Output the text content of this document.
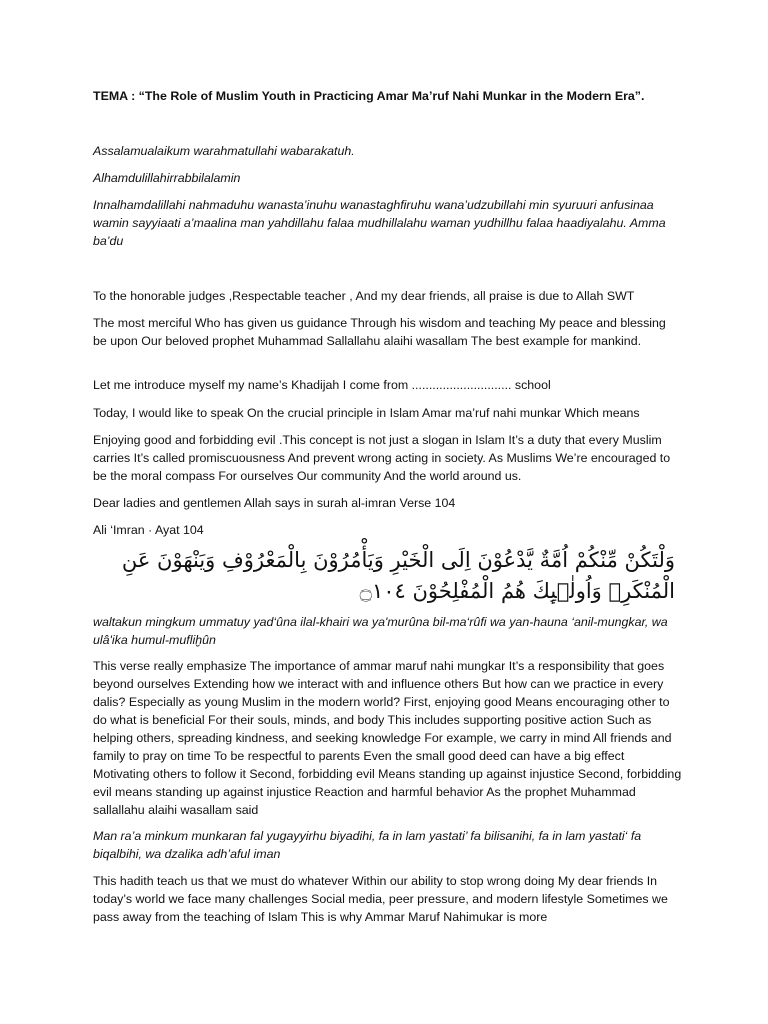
TEMA : “The Role of Muslim Youth in Practicing Amar Ma’ruf Nahi Munkar in the Modern Era”.

Assalamualaikum warahmatullahi wabarakatuh.

Alhamdulillahirrabbilalamin

Innalhamdalillahi nahmaduhu wanasta’inuhu wanastaghfiruhu wana’udzubillahi min syuruuri anfusinaa wamin sayyiaati a’maalina man yahdillahu falaa mudhillalahu waman yudhillhu falaa haadiyalahu. Amma ba’du

To the honorable judges ,Respectable teacher , And my dear friends, all praise is due to Allah SWT

The most merciful Who has given us guidance Through his wisdom and teaching My peace and blessing be upon Our beloved prophet Muhammad Sallallahu alaihi wasallam The best example for mankind.

Let me introduce myself my name’s Khadijah I come from ............................. school

Today, I would like to speak On the crucial principle in Islam Amar ma’ruf nahi munkar Which means

Enjoying good and forbidding evil .This concept is not just a slogan in Islam It’s a duty that every Muslim carries It’s called promiscuousness And prevent wrong acting in society. As Muslims We’re encouraged to be the moral compass For ourselves Our community And the world around us.

Dear ladies and gentlemen Allah says in surah al-imran Verse 104

Ali ‘Imran · Ayat 104

وَلْتَكُنْ مِّنْكُمْ اُمَّةٌ يَّدْعُوْنَ اِلَى الْخَيْرِ وَيَأْمُرُوْنَ بِالْمَعْرُوْفِ وَيَنْهَوْنَ عَنِ الْمُنْكَرِۗ وَاُولٰۤىِٕكَ هُمُ الْمُفْلِحُوْنَ ۝١٠٤

waltakun mingkum ummatuy yad‘ûna ilal-khairi wa ya'murûna bil-ma‘rûfi wa yan-hauna ‘anil-mungkar, wa ulâ'ika humul-mufliḫûn

This verse really emphasize The importance of ammar maruf nahi mungkar It’s a responsibility that goes beyond ourselves Extending how we interact with and influence others But how can we practice in every dalis? Especially as young Muslim in the modern world? First, enjoying good Means encouraging other to do what is beneficial For their souls, minds, and body This includes supporting positive action Such as helping others, spreading kindness, and seeking knowledge For example, we carry in mind All friends and family to pray on time To be respectful to parents Even the small good deed can have a big effect Motivating others to follow it Second, forbidding evil Means standing up against injustice Second, forbidding evil means standing up against injustice Reaction and harmful behavior As the prophet Muhammad sallallahu alaihi wasallam said

Man ra’a minkum munkaran fal yugayyirhu biyadihi, fa in lam yastati’ fa bilisanihi, fa in lam yastati‘ fa biqalbihi, wa dzalika adh’aful iman

This hadith teach us that we must do whatever Within our ability to stop wrong doing My dear friends In today’s world we face many challenges Social media, peer pressure, and modern lifestyle Sometimes we pass away from the teaching of Islam This is why Ammar Maruf Nahimukar is more
